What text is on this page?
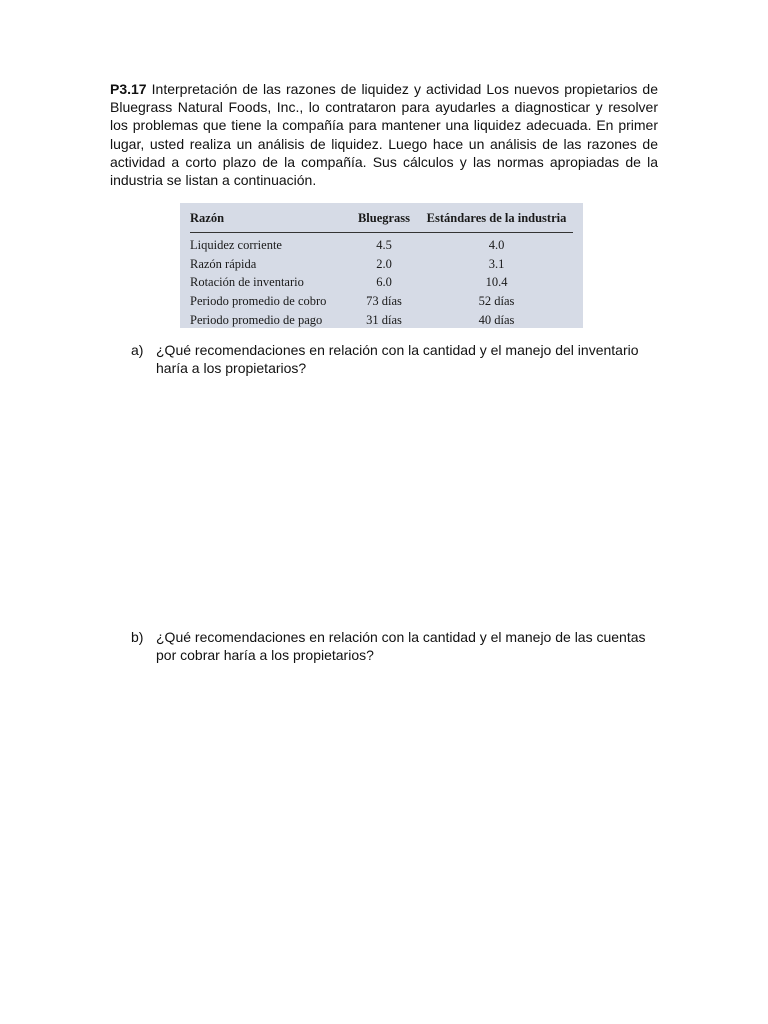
P3.17 Interpretación de las razones de liquidez y actividad Los nuevos propietarios de Bluegrass Natural Foods, Inc., lo contrataron para ayudarles a diagnosticar y resolver los problemas que tiene la compañía para mantener una liquidez adecuada. En primer lugar, usted realiza un análisis de liquidez. Luego hace un análisis de las razones de actividad a corto plazo de la compañía. Sus cálculos y las normas apropiadas de la industria se listan a continuación.

Razón	Bluegrass	Estándares de la industria
Liquidez corriente	4.5	4.0
Razón rápida	2.0	3.1
Rotación de inventario	6.0	10.4
Periodo promedio de cobro	73 días	52 días
Periodo promedio de pago	31 días	40 días
a) ¿Qué recomendaciones en relación con la cantidad y el manejo del inventario haría a los propietarios?
b) ¿Qué recomendaciones en relación con la cantidad y el manejo de las cuentas por cobrar haría a los propietarios?
